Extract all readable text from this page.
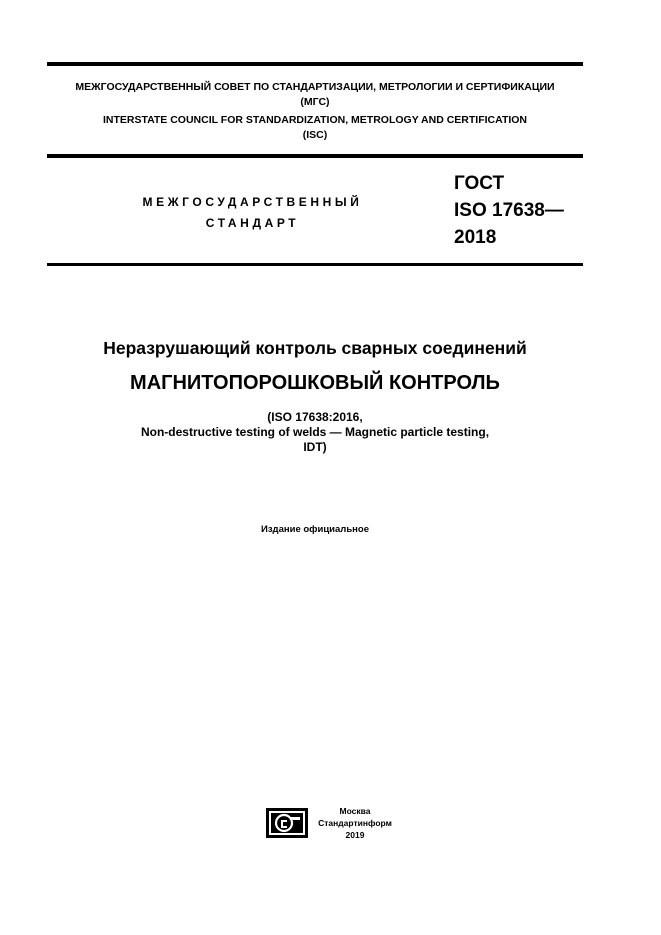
МЕЖГОСУДАРСТВЕННЫЙ СОВЕТ ПО СТАНДАРТИЗАЦИИ, МЕТРОЛОГИИ И СЕРТИФИКАЦИИ
(МГС)
INTERSTATE COUNCIL FOR STANDARDIZATION, METROLOGY AND CERTIFICATION
(ISC)
МЕЖГОСУДАРСТВЕННЫЙ
СТАНДАРТ
ГОСТ
ISO 17638—
2018
Неразрушающий контроль сварных соединений
МАГНИТОПОРОШКОВЫЙ КОНТРОЛЬ
(ISO 17638:2016,
Non-destructive testing of welds — Magnetic particle testing,
IDT)
Издание официальное
Москва
Стандартинформ
2019
